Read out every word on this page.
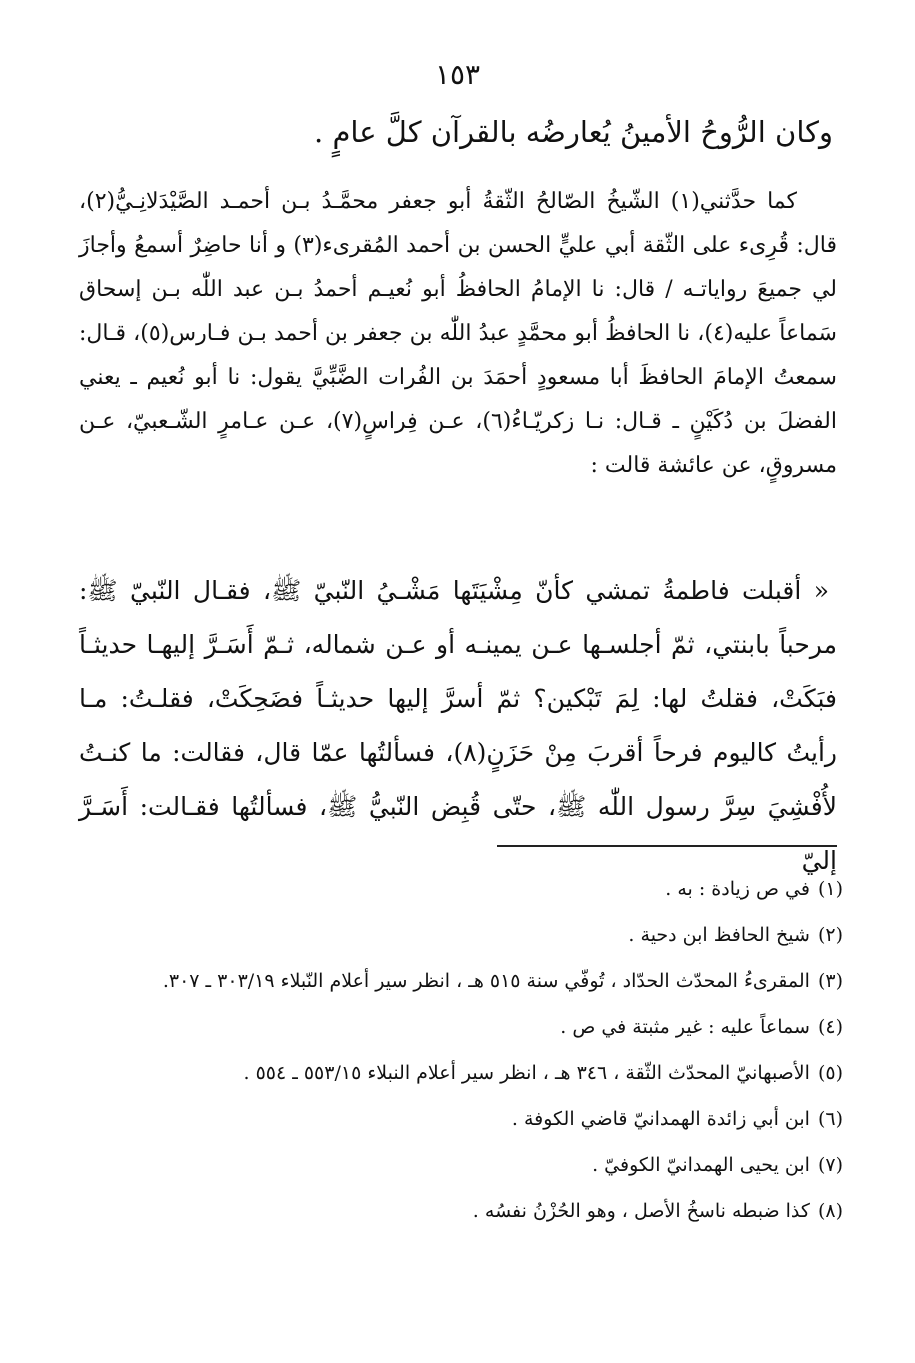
١٥٣
وكان الرُّوحُ الأمينُ يُعارضُه بالقرآن كلَّ عامٍ .

كما حدَّثني(١) الشّيخُ الصّالحُ الثّقةُ أبو جعفر محمَّـدُ بـن أحمـد الصَّيْدَلانِـيُّ(٢)، قال: قُرِىء على الثّقة أبي عليٍّ الحسن بن أحمد المُقرىء(٣) و أنا حاضِرٌ أسمعُ وأجازَ لي جميعَ رواياتـه / قال: نا الإمامُ الحافظُ أبو نُعيـم أحمدُ بـن عبد اللّٰه بـن إسحاق سَماعاً عليه(٤)، نا الحافظُ أبو محمَّدٍ عبدُ اللّٰه بن جعفر بن أحمد بـن فـارس(٥)، قـال: سمعتُ الإمامَ الحافظَ أبا مسعودٍ أحمَدَ بن الفُرات الضَّبِّيَّ يقول: نا أبو نُعيم ـ يعني الفضلَ بن دُكَيْنٍ ـ قـال: نـا زكريّـاءُ(٦)، عـن فِراسٍ(٧)، عـن عـامرٍ الشّـعبيّ، عـن مسروقٍ، عن عائشة قالت :

« أقبلت فاطمةُ تمشي كأنّ مِشْيَتَها مَشْـيُ النّبيّ ﷺ، فقـال النّبيّ ﷺ: مرحباً بابنتي، ثمّ أجلسـها عـن يمينـه أو عـن شماله، ثـمّ أَسَـرَّ إليهـا حديثـاً فبَكَتْ، فقلتُ لها: لِمَ تَبْكين؟ ثمّ أسرَّ إليها حديثـاً فضَحِكَتْ، فقلـتُ: مـا رأيتُ كاليوم فرحاً أقربَ مِنْ حَزَنٍ(٨)، فسألتُها عمّا قال، فقالت: ما كنـتُ لأُفْشِيَ سِرَّ رسول اللّٰه ﷺ، حتّى قُبِض النّبيُّ ﷺ، فسألتُها فقـالت: أَسَـرَّ إليّ

(١)في ص زيادة : به .
(٢)شيخ الحافظ ابن دحية .
(٣)المقرىءُ المحدّث الحدّاد ، تُوفّي سنة ٥١٥ هـ ، انظر سير أعلام النّبلاء ٣٠٣/١٩ ـ ٣٠٧.
(٤)سماعاً عليه : غير مثبتة في ص .
(٥)الأصبهانيّ المحدّث الثّقة ، ٣٤٦ هـ ، انظر سير أعلام النبلاء ٥٥٣/١٥ ـ ٥٥٤ .
(٦)ابن أبي زائدة الهمدانيّ قاضي الكوفة .
(٧)ابن يحيى الهمدانيّ الكوفيّ .
(٨)كذا ضبطه ناسخُ الأصل ، وهو الحُزْنُ نفسُه .
